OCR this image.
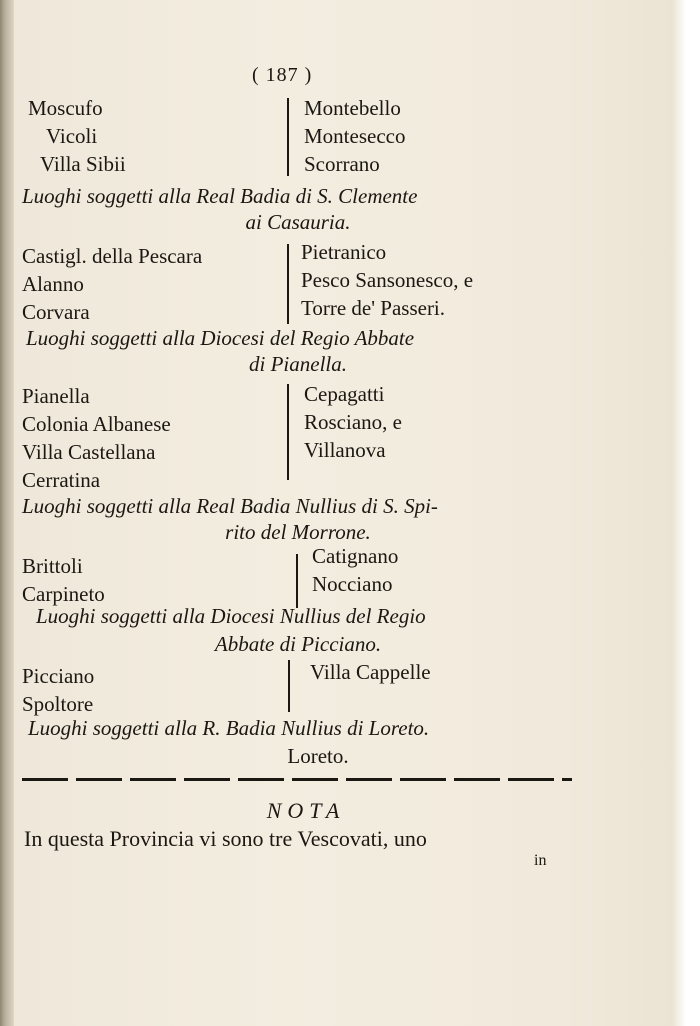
( 187 )
Moscufo
Vicoli
Villa Sibii
Montebello
Montesecco
Scorrano
Luoghi soggetti alla Real Badia di S. Clemente
ai Casauria.
Castigl. della Pescara
Alanno
Corvara
Pietranico
Pesco Sansonesco, e
Torre de' Passeri.
Luoghi soggetti alla Diocesi del Regio Abbate
di Pianella.
Pianella
Colonia Albanese
Villa Castellana
Cerratina
Cepagatti
Rosciano, e
Villanova
Luoghi soggetti alla Real Badia Nullius di S. Spi-
rito del Morrone.
Brittoli
Carpineto
Catignano
Nocciano
Luoghi soggetti alla Diocesi Nullius del Regio
Abbate di Picciano.
Picciano
Spoltore
Villa Cappelle
Luoghi soggetti alla R. Badia Nullius di Loreto.
Loreto.
NOTA
In questa Provincia vi sono tre Vescovati, uno
in
